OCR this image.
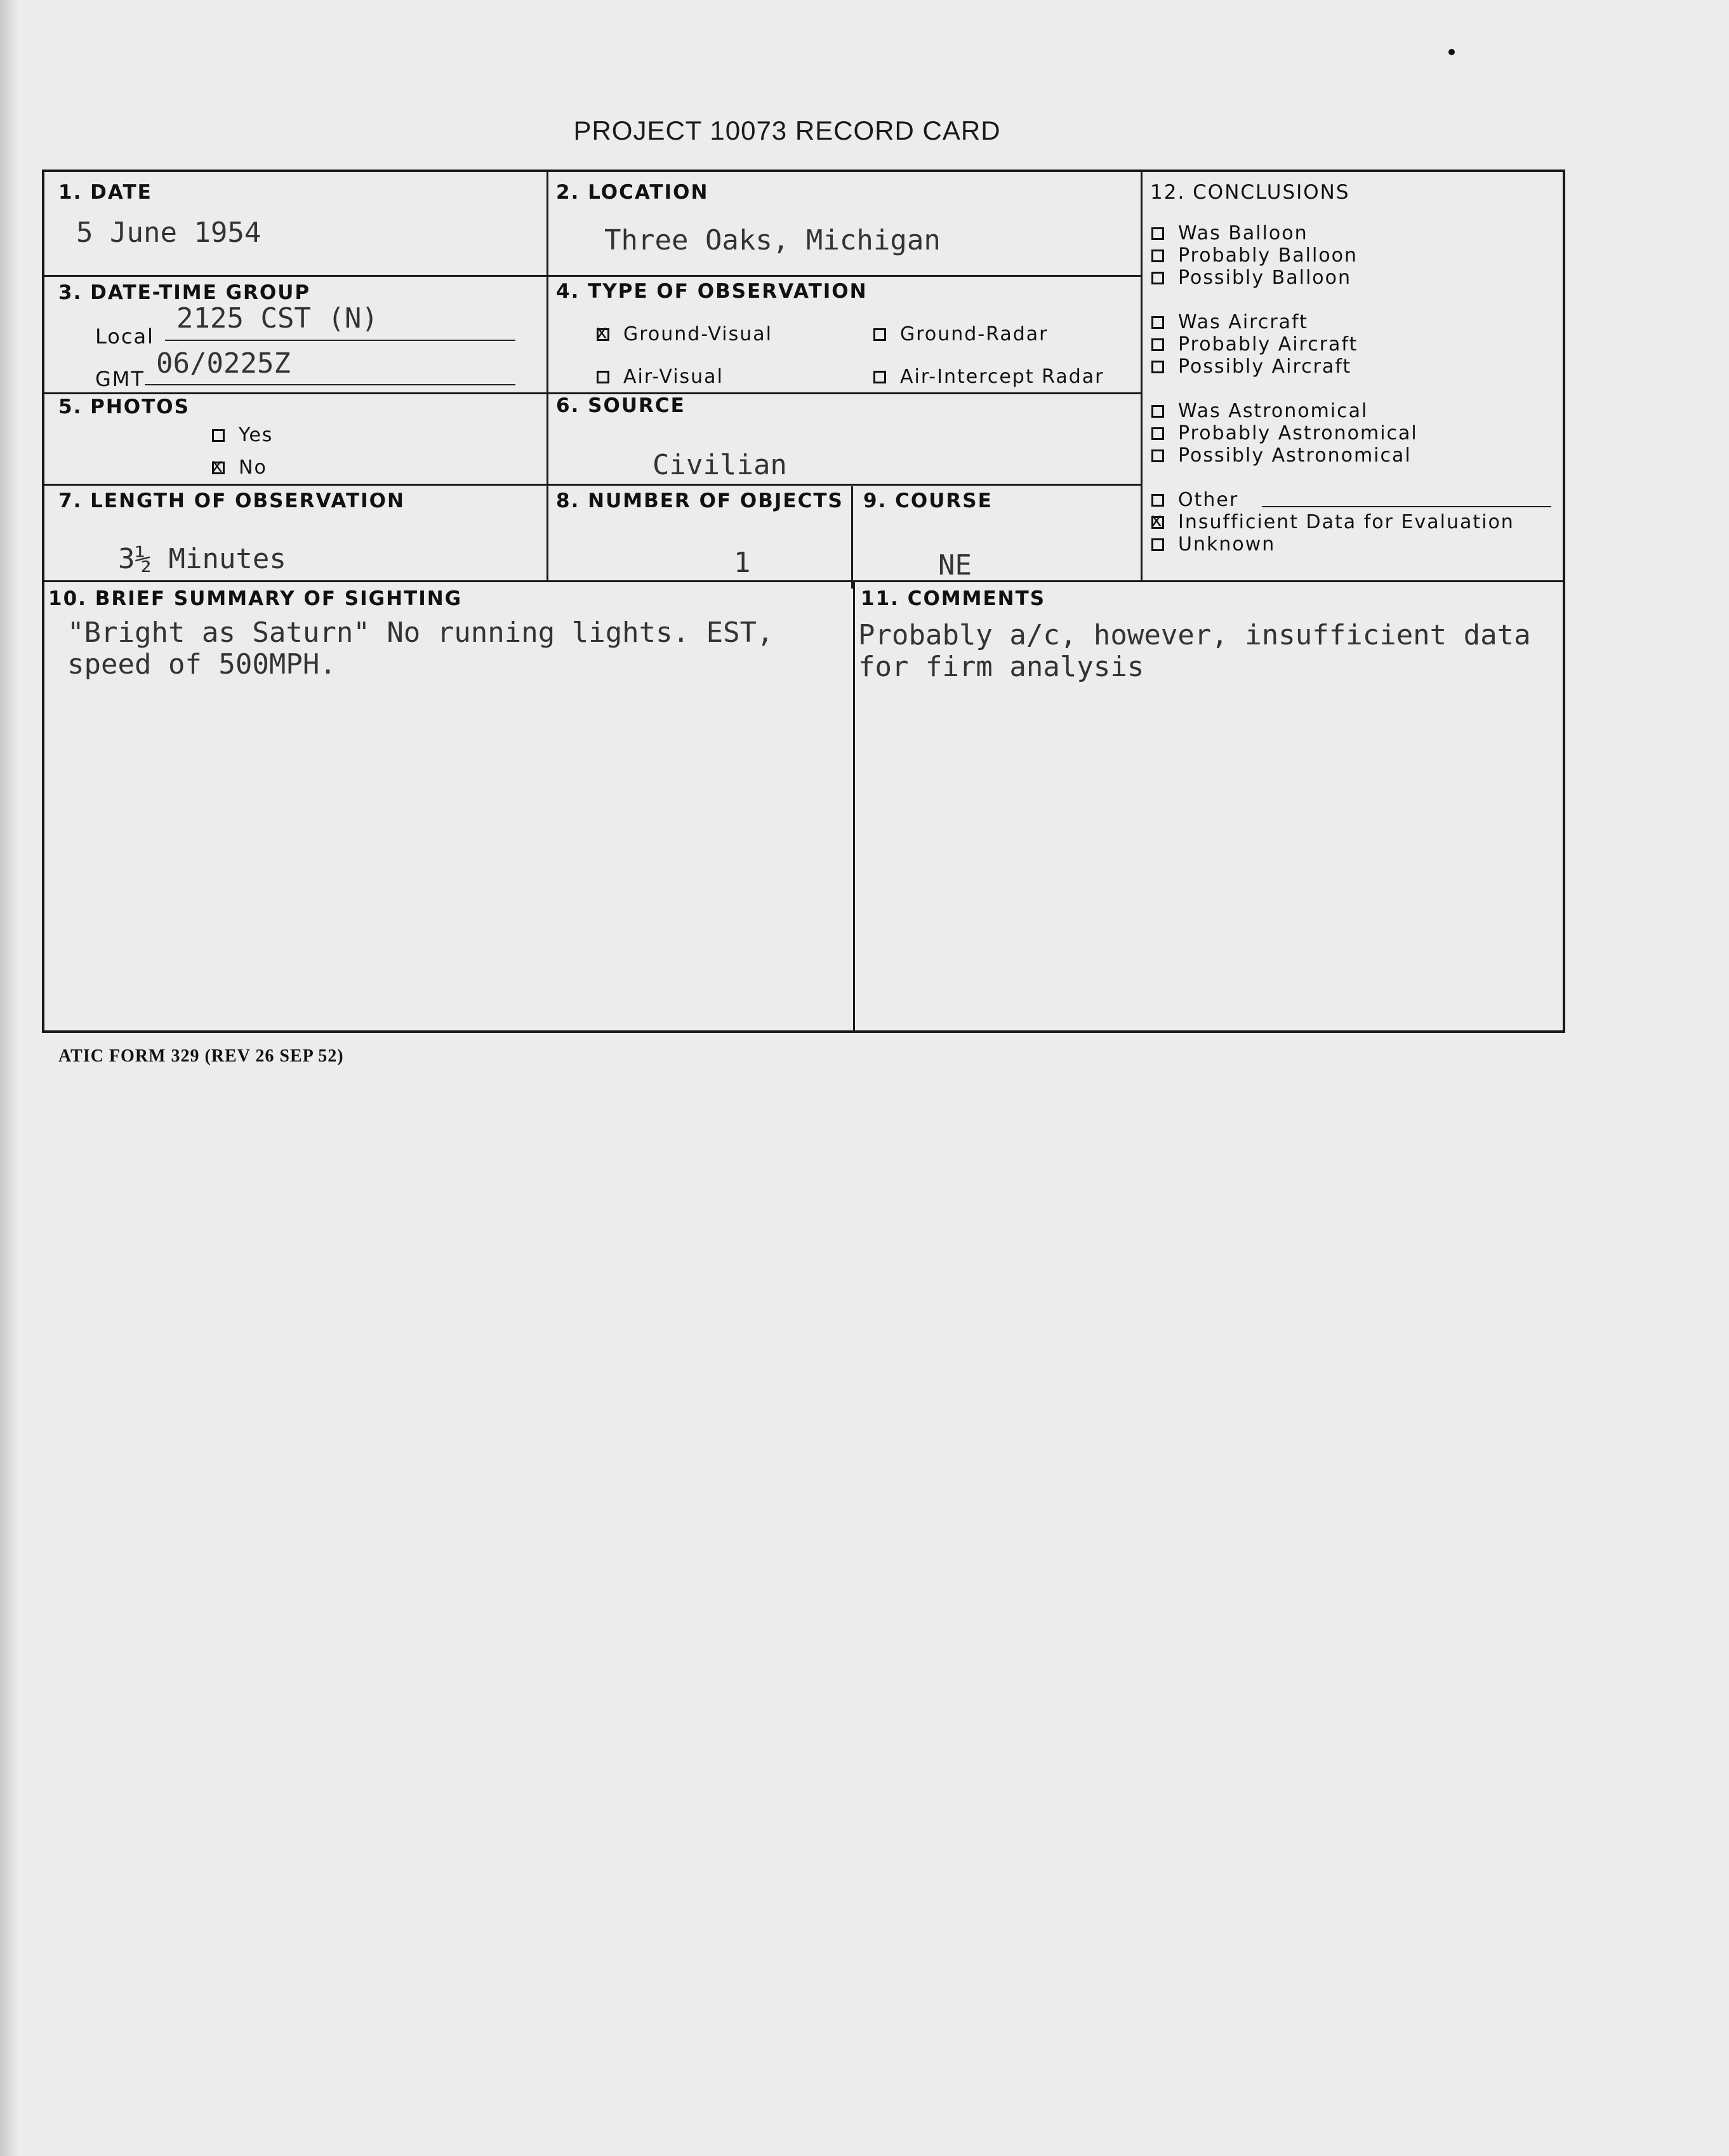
PROJECT 10073 RECORD CARD
1. DATE
5 June 1954
2. LOCATION
Three Oaks, Michigan
3. DATE-TIME GROUP
Local
2125 CST (N)
GMT 06/0225Z
4. TYPE OF OBSERVATION
x
Ground-Visual	Ground-Radar
Air-Visual	Air-Intercept Radar
5. PHOTOS
Yes
x
No
6. SOURCE
Civilian
7. LENGTH OF OBSERVATION
3½ Minutes
8. NUMBER OF OBJECTS
1
9. COURSE
NE
10. BRIEF SUMMARY OF SIGHTING
"Bright as Saturn" No running lights. EST,
speed of 500MPH.
11. COMMENTS
Probably a/c, however, insufficient data
for firm analysis
12. CONCLUSIONS
Was Balloon
Probably Balloon
Possibly Balloon
Was Aircraft
Probably Aircraft
Possibly Aircraft
Was Astronomical
Probably Astronomical
Possibly Astronomical
Other
x
Insufficient Data for Evaluation
Unknown
ATIC FORM 329 (REV 26 SEP 52)
